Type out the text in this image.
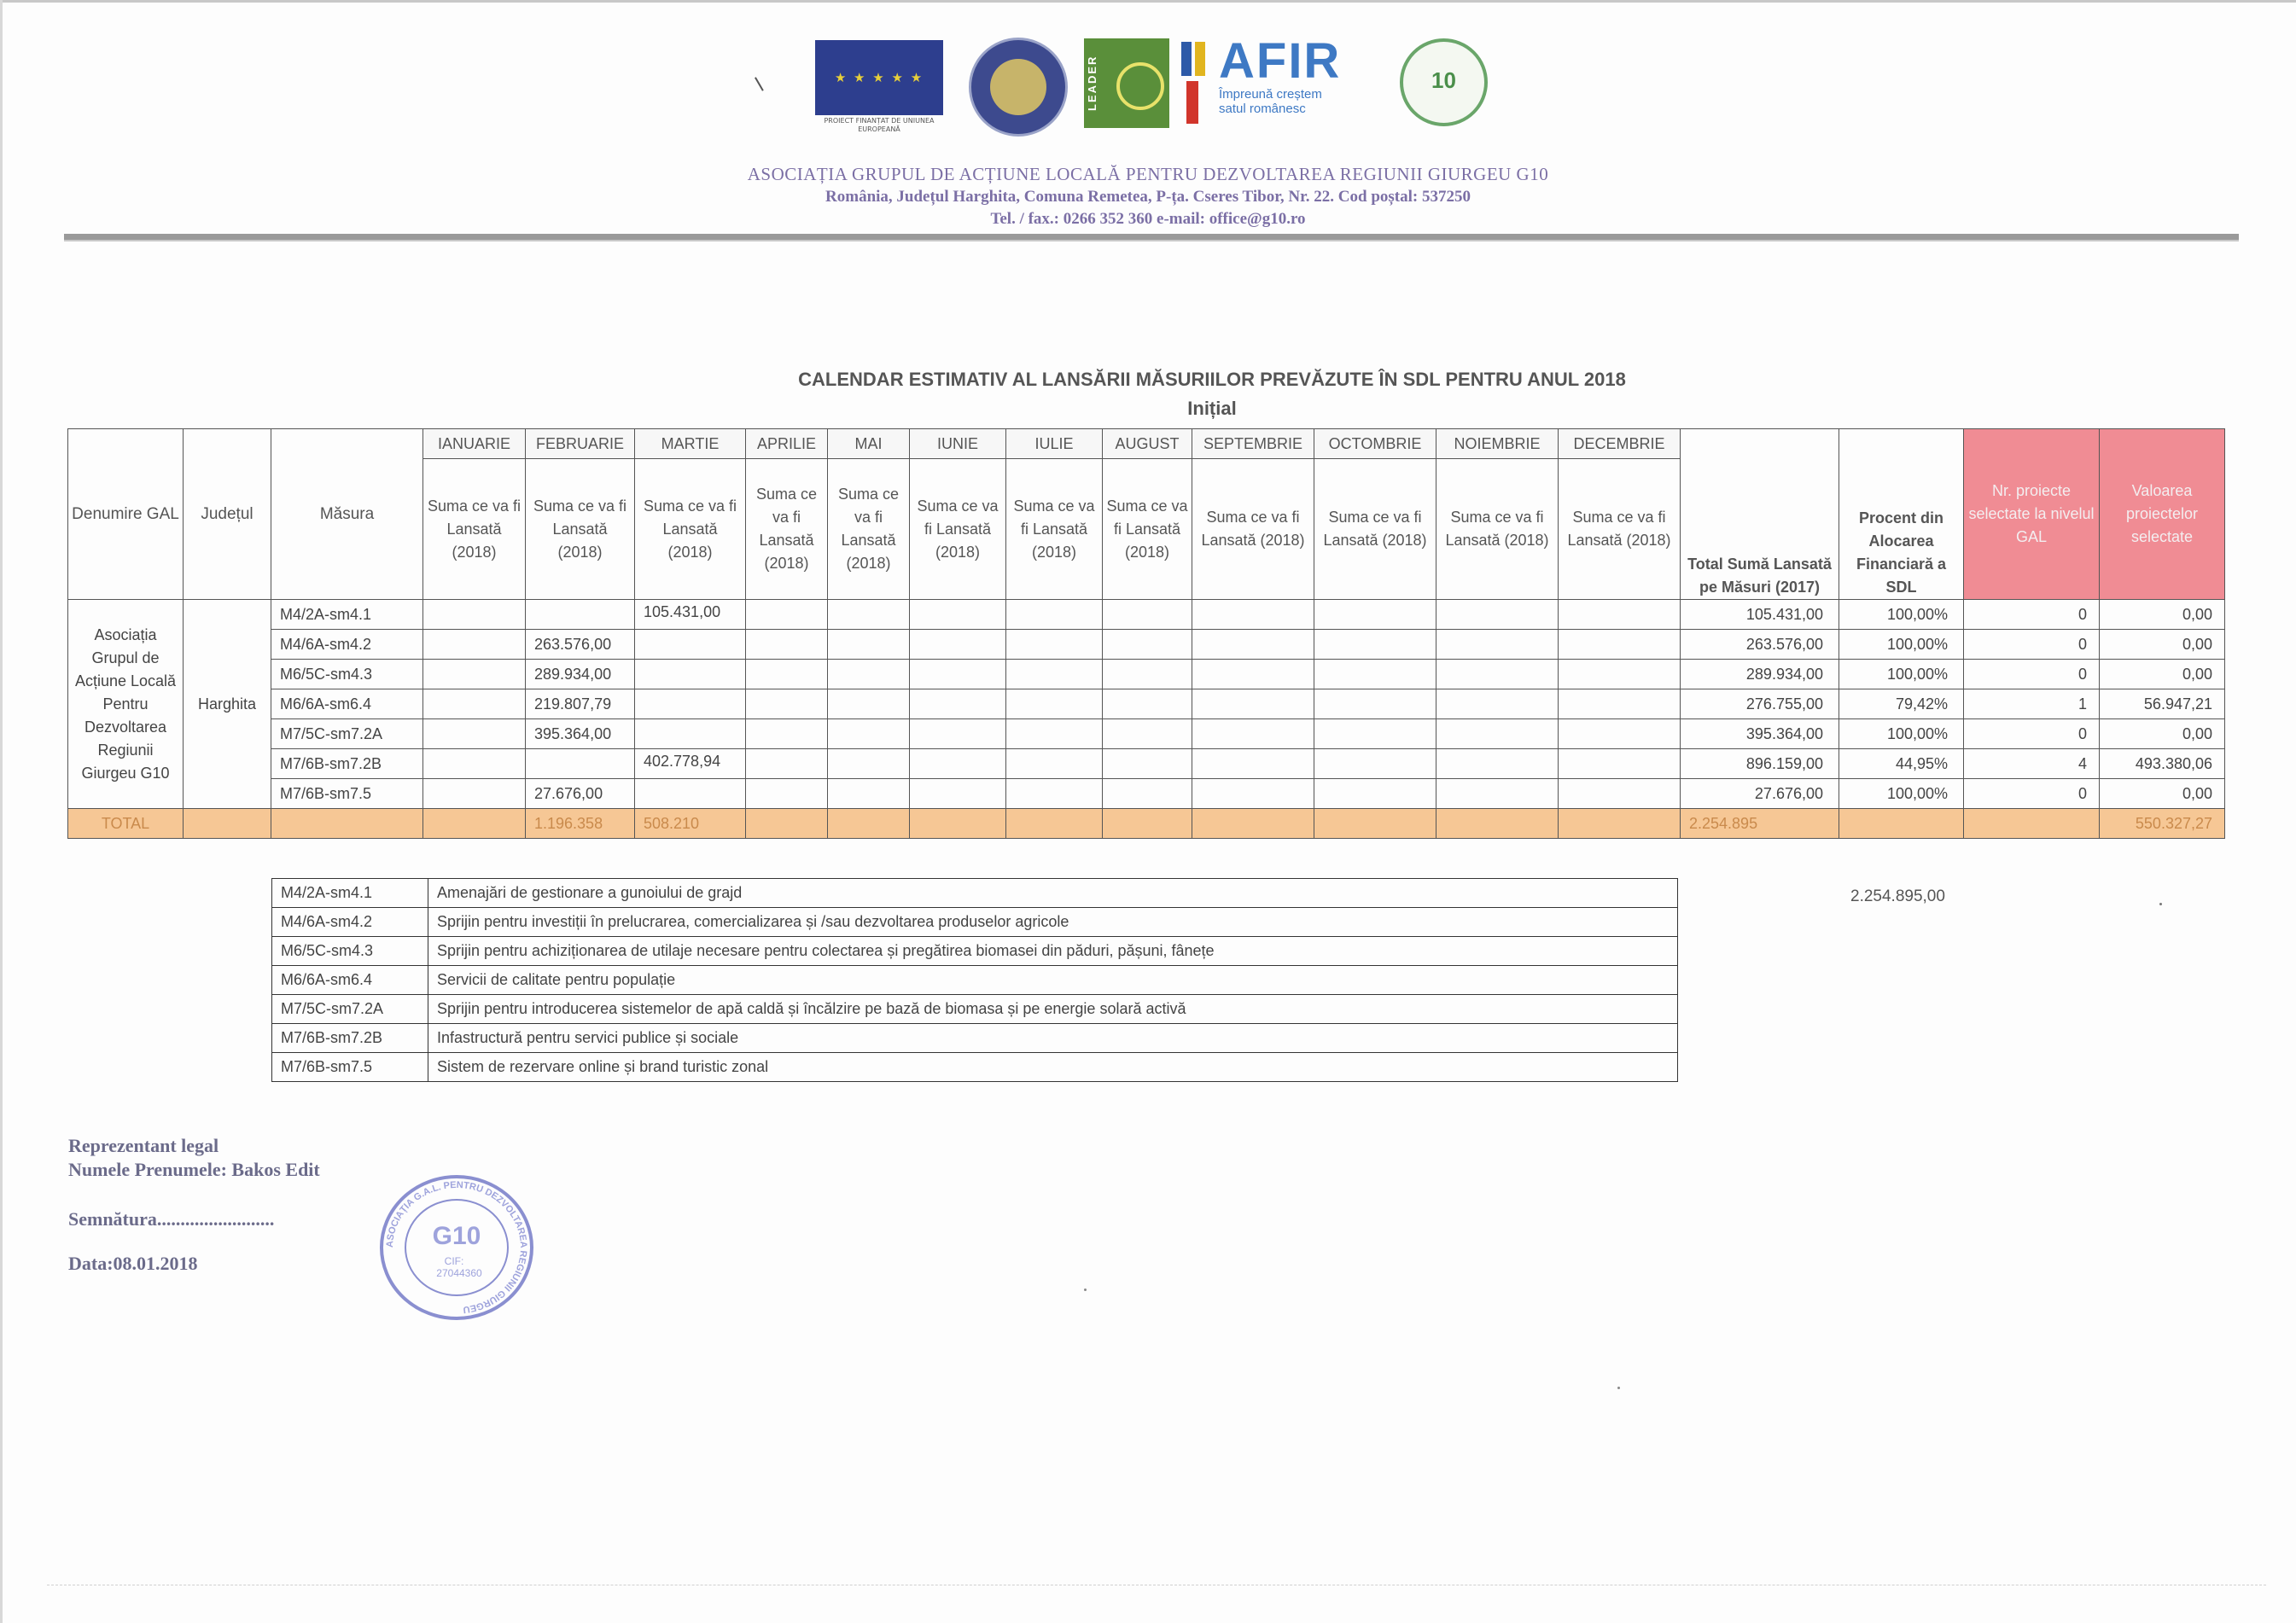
★ ★ ★ ★ ★
PROIECT FINANȚAT DE UNIUNEA EUROPEANĂ
LEADER AFIR
Împreună creștem
satul românesc
10
ASOCIAȚIA GRUPUL DE ACȚIUNE LOCALĂ PENTRU DEZVOLTAREA REGIUNII GIURGEU G10
România, Județul Harghita, Comuna Remetea, P-ța. Cseres Tibor, Nr. 22. Cod poștal: 537250
Tel. / fax.: 0266 352 360 e-mail: office@g10.ro
CALENDAR ESTIMATIV AL LANSĂRII MĂSURIILOR PREVĂZUTE ÎN SDL PENTRU ANUL 2018
Inițial
Denumire GAL	Județul	Măsura	IANUARIE	FEBRUARIE	MARTIE	APRILIE	MAI	IUNIE	IULIE	AUGUST	SEPTEMBRIE	OCTOMBRIE	NOIEMBRIE	DECEMBRIE	Total Sumă Lansată pe Măsuri (2017)	Procent din Alocarea Financiară a SDL	Nr. proiecte selectate la nivelul GAL	Valoarea proiectelor selectate
			Suma ce va fi Lansată (2018)	Suma ce va fi Lansată (2018)	Suma ce va fi Lansată (2018)	Suma ce va fi Lansată (2018)	Suma ce va fi Lansată (2018)	Suma ce va fi Lansată (2018)	Suma ce va fi Lansată (2018)	Suma ce va fi Lansată (2018)	Suma ce va fi Lansată (2018)	Suma ce va fi Lansată (2018)	Suma ce va fi Lansată (2018)	Suma ce va fi Lansată (2018)				
Asociația Grupul de Acțiune Locală Pentru Dezvoltarea Regiunii Giurgeu G10	Harghita	M4/2A-sm4.1			105.431,00										105.431,00	100,00%	0	0,00
		M4/6A-sm4.2		263.576,00											263.576,00	100,00%	0	0,00
		M6/5C-sm4.3		289.934,00											289.934,00	100,00%	0	0,00
		M6/6A-sm6.4		219.807,79											276.755,00	79,42%	1	56.947,21
		M7/5C-sm7.2A		395.364,00											395.364,00	100,00%	0	0,00
		M7/6B-sm7.2B			402.778,94										896.159,00	44,95%	4	493.380,06
		M7/6B-sm7.5		27.676,00											27.676,00	100,00%	0	0,00
TOTAL				1.196.358	508.210										2.254.895			550.327,27
M4/2A-sm4.1	Amenajări de gestionare a gunoiului de grajd
M4/6A-sm4.2	Sprijin pentru investiții în prelucrarea, comercializarea și /sau dezvoltarea produselor agricole
M6/5C-sm4.3	Sprijin pentru achiziționarea de utilaje necesare pentru colectarea și pregătirea biomasei din păduri, pășuni, fânețe
M6/6A-sm6.4	Servicii de calitate pentru populație
M7/5C-sm7.2A	Sprijin pentru introducerea sistemelor de apă caldă și încălzire pe bază de biomasa și pe energie solară activă
M7/6B-sm7.2B	Infastructură pentru servici publice și sociale
M7/6B-sm7.5	Sistem de rezervare online și brand turistic zonal
2.254.895,00
Reprezentant legal
Numele Prenumele: Bakos Edit
Semnătura.........................
Data:08.01.2018
G10
CIF:
27044360
ASOCIAȚIA G.A.L. PENTRU DEZVOLTAREA REGIUNII GIURGEU
